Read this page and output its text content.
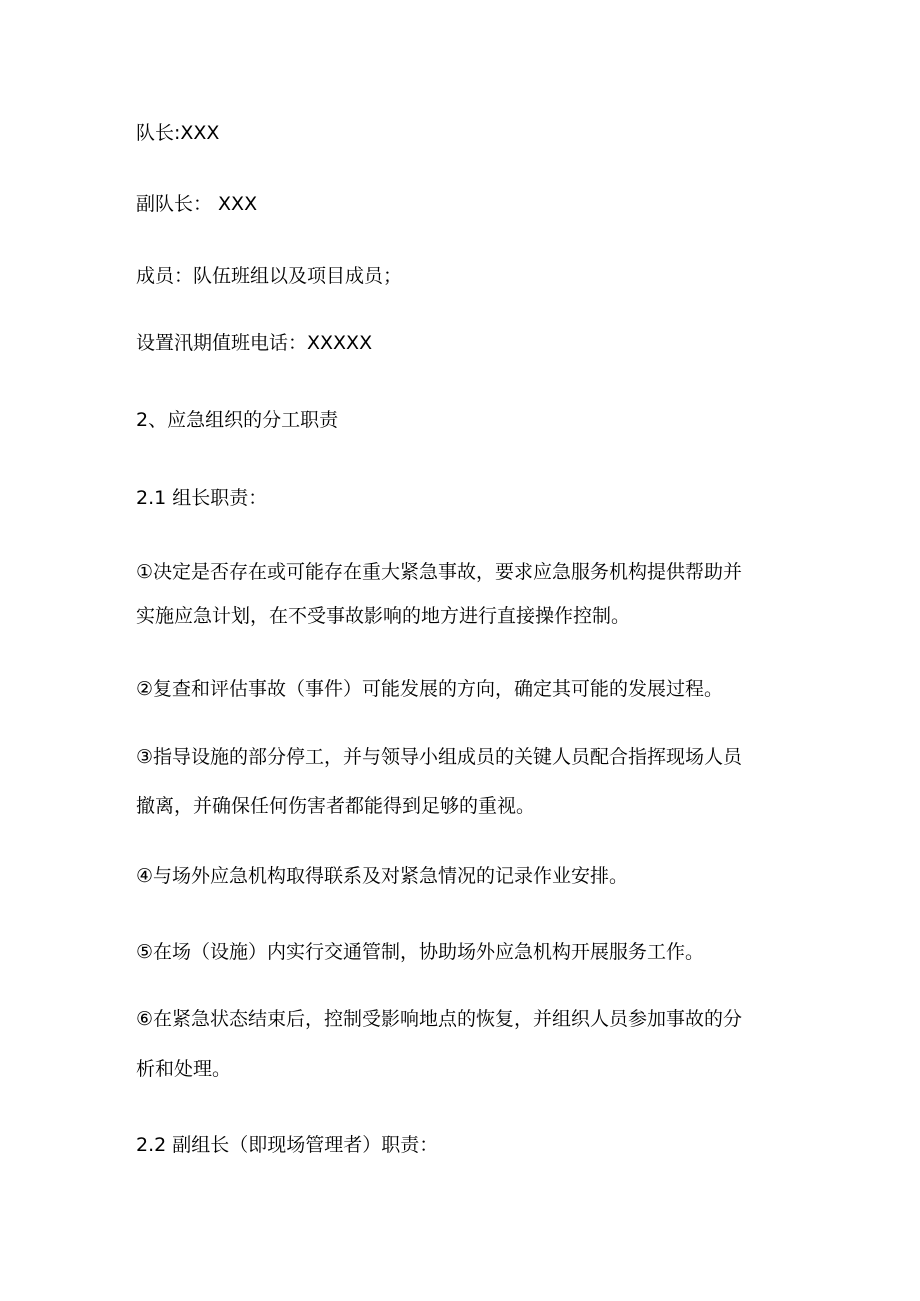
队长:XXX
副队长： XXX
成员：队伍班组以及项目成员；
设置汛期值班电话：XXXXX
2、应急组织的分工职责
2.1 组长职责：
①决定是否存在或可能存在重大紧急事故，要求应急服务机构提供帮助并
实施应急计划，在不受事故影响的地方进行直接操作控制。
②复查和评估事故（事件）可能发展的方向，确定其可能的发展过程。
③指导设施的部分停工，并与领导小组成员的关键人员配合指挥现场人员
撤离，并确保任何伤害者都能得到足够的重视。
④与场外应急机构取得联系及对紧急情况的记录作业安排。
⑤在场（设施）内实行交通管制，协助场外应急机构开展服务工作。
⑥在紧急状态结束后，控制受影响地点的恢复，并组织人员参加事故的分
析和处理。
2.2 副组长（即现场管理者）职责：
